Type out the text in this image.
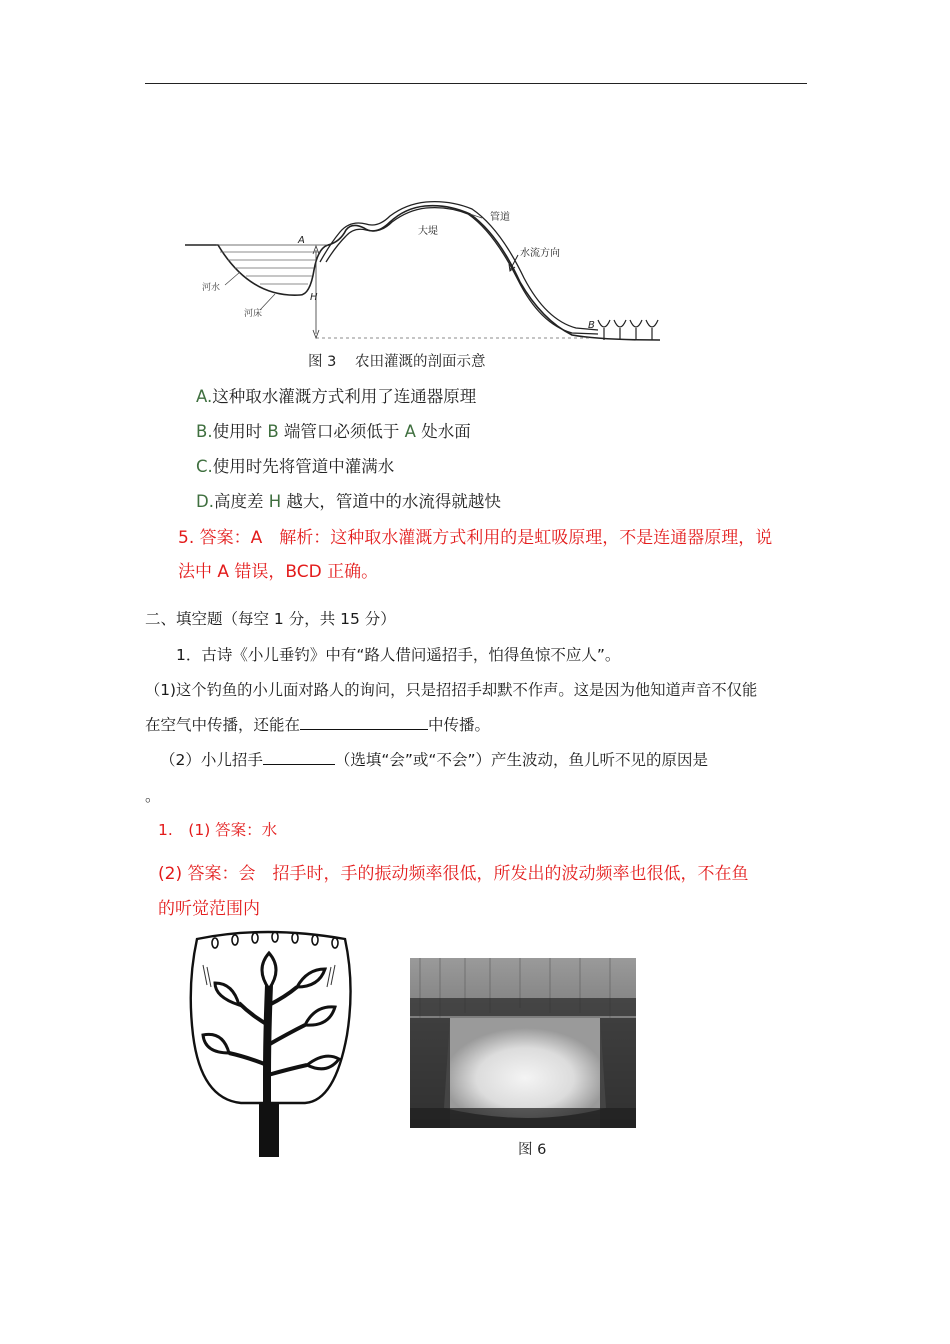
管道
大堤
水流方向
河水
河床
A
H
B
图 3 农田灌溉的剖面示意
A.这种取水灌溉方式利用了连通器原理
B.使用时 B 端管口必须低于 A 处水面
C.使用时先将管道中灌满水
D.高度差 H 越大，管道中的水流得就越快
5. 答案：A　解析：这种取水灌溉方式利用的是虹吸原理，不是连通器原理，说
法中 A 错误，BCD 正确。
二、填空题（每空 1 分，共 15 分）
1．古诗《小儿垂钓》中有“路人借问遥招手，怕得鱼惊不应人”。
（1)这个钓鱼的小儿面对路人的询问，只是招招手却默不作声。这是因为他知道声音不仅能
在空气中传播，还能在	中传播。
（2）小儿招手	（选填“会”或“不会”）产生波动，鱼儿听不见的原因是
。
1.　(1) 答案：水
(2) 答案：会　招手时，手的振动频率很低，所发出的波动频率也很低，不在鱼
的听觉范围内
图 6
